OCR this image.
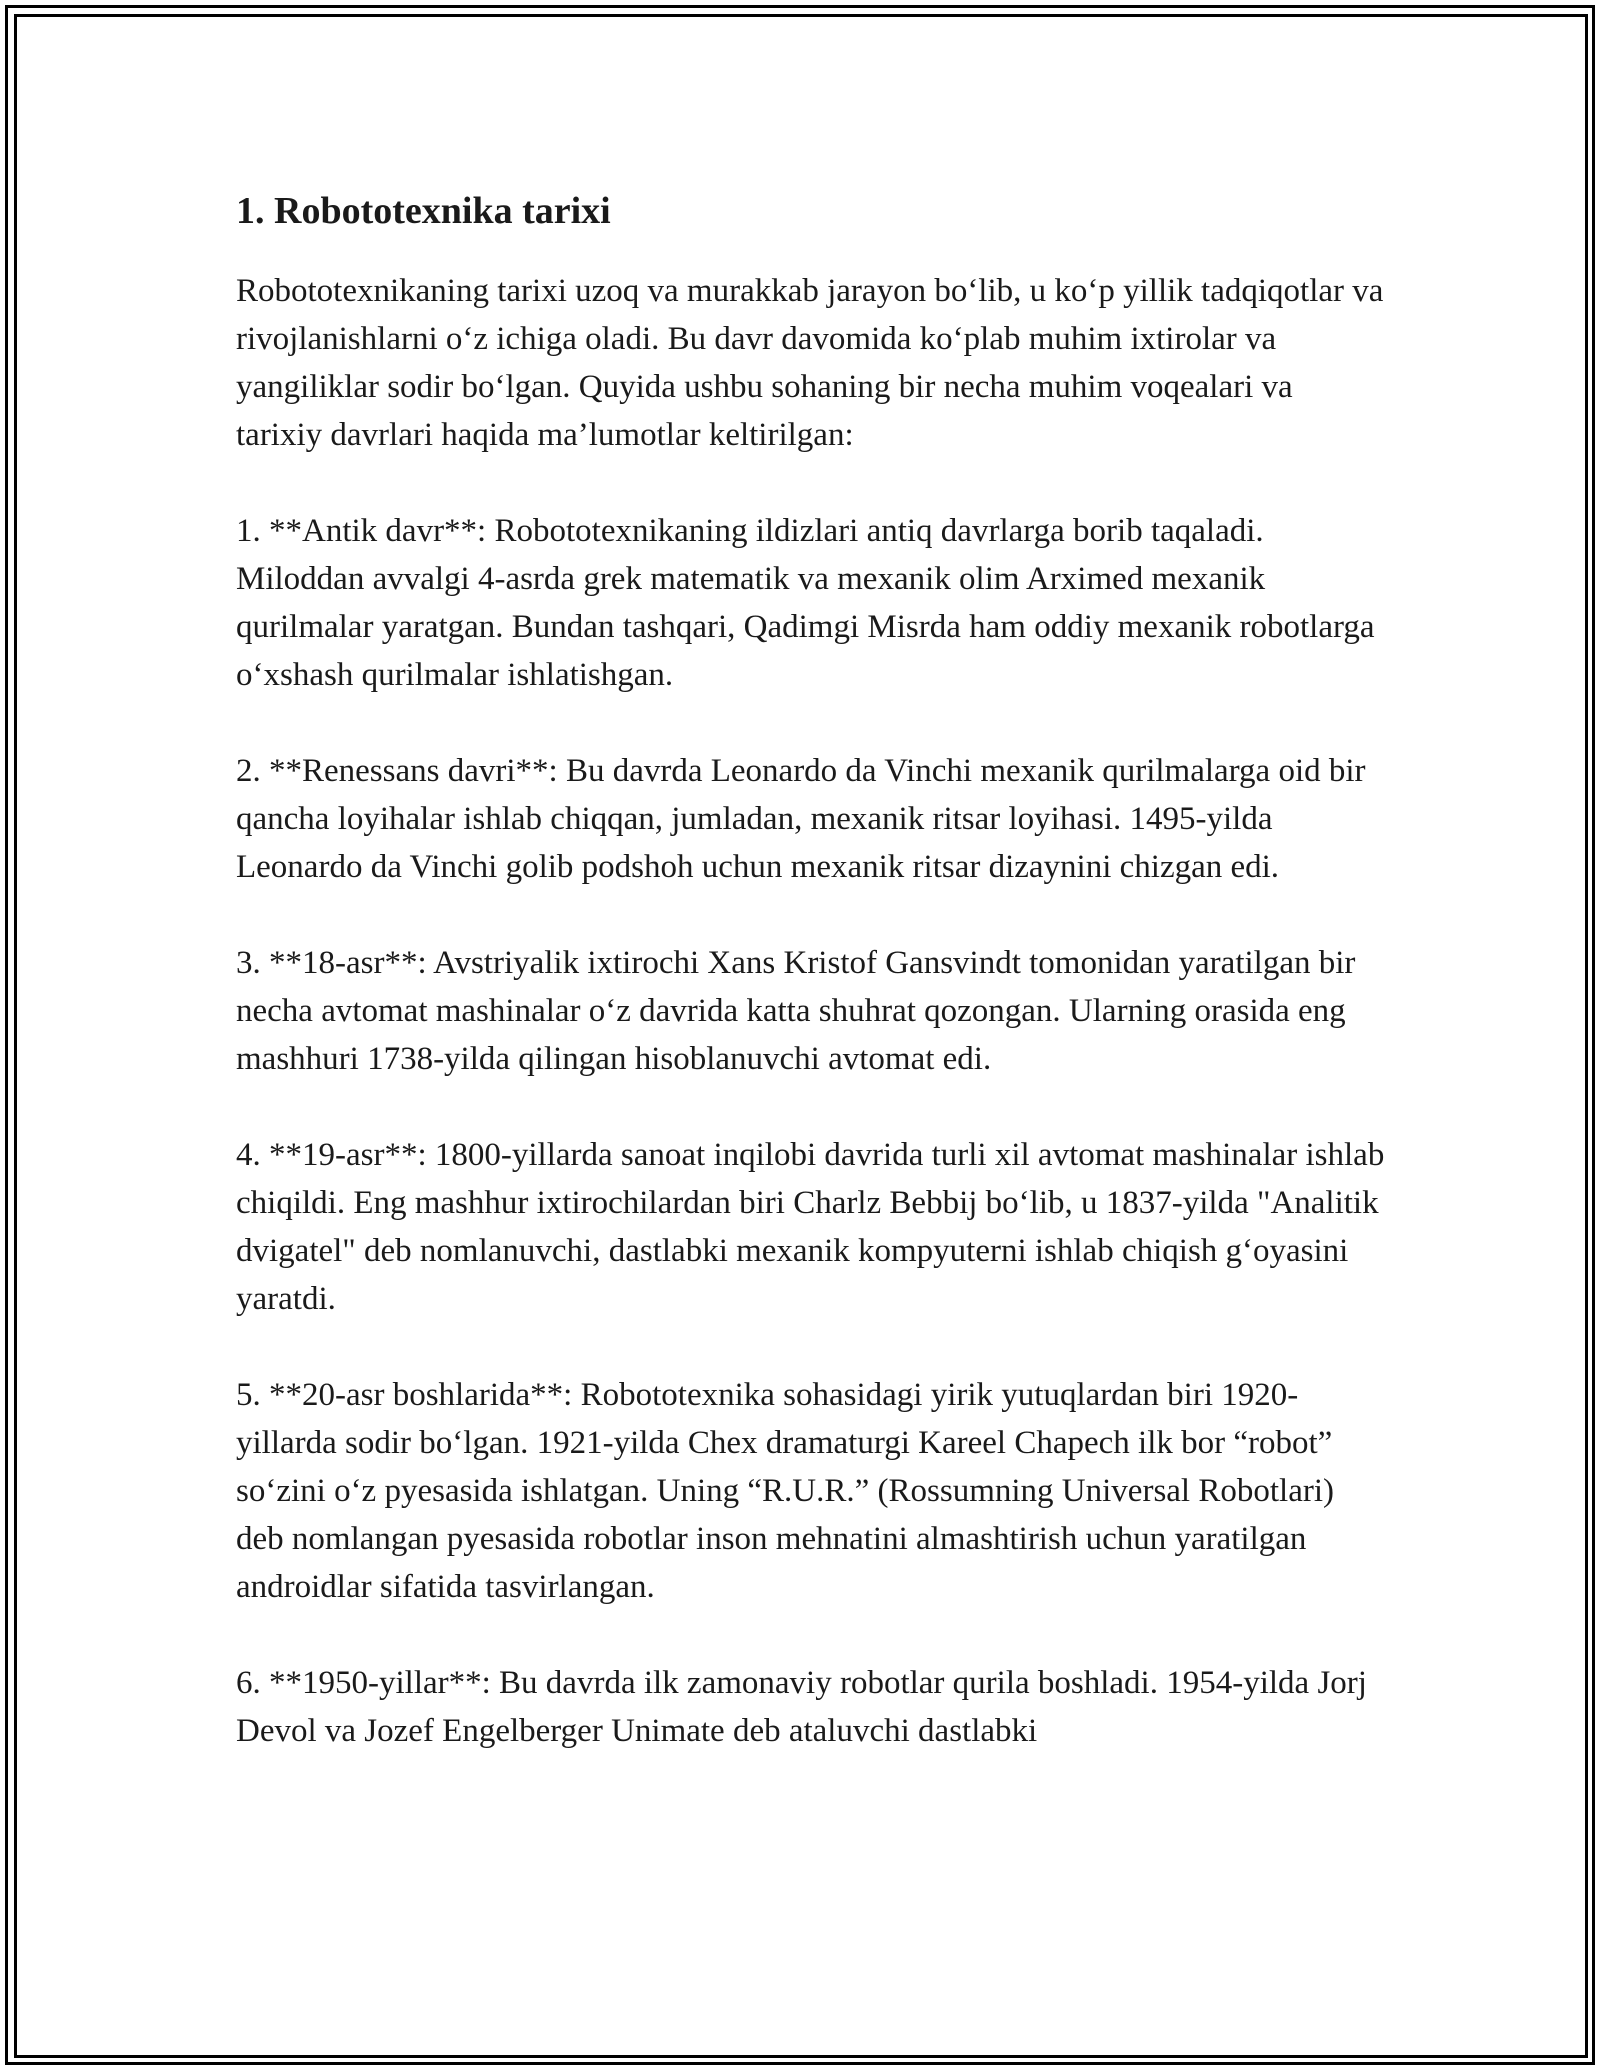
1. Robototexnika tarixi

Robototexnikaning tarixi uzoq va murakkab jarayon bo‘lib, u ko‘p yillik tadqiqotlar va rivojlanishlarni o‘z ichiga oladi. Bu davr davomida ko‘plab muhim ixtirolar va yangiliklar sodir bo‘lgan. Quyida ushbu sohaning bir necha muhim voqealari va tarixiy davrlari haqida ma’lumotlar keltirilgan:

1. **Antik davr**: Robototexnikaning ildizlari antiq davrlarga borib taqaladi. Miloddan avvalgi 4-asrda grek matematik va mexanik olim Arximed mexanik qurilmalar yaratgan. Bundan tashqari, Qadimgi Misrda ham oddiy mexanik robotlarga o‘xshash qurilmalar ishlatishgan.

2. **Renessans davri**: Bu davrda Leonardo da Vinchi mexanik qurilmalarga oid bir qancha loyihalar ishlab chiqqan, jumladan, mexanik ritsar loyihasi. 1495-yilda Leonardo da Vinchi golib podshoh uchun mexanik ritsar dizaynini chizgan edi.

3. **18-asr**: Avstriyalik ixtirochi Xans Kristof Gansvindt tomonidan yaratilgan bir necha avtomat mashinalar o‘z davrida katta shuhrat qozongan. Ularning orasida eng mashhuri 1738-yilda qilingan hisoblanuvchi avtomat edi.

4. **19-asr**: 1800-yillarda sanoat inqilobi davrida turli xil avtomat mashinalar ishlab chiqildi. Eng mashhur ixtirochilardan biri Charlz Bebbij bo‘lib, u 1837-yilda "Analitik dvigatel" deb nomlanuvchi, dastlabki mexanik kompyuterni ishlab chiqish g‘oyasini yaratdi.

5. **20-asr boshlarida**: Robototexnika sohasidagi yirik yutuqlardan biri 1920-yillarda sodir bo‘lgan. 1921-yilda Chex dramaturgi Kareel Chapech ilk bor “robot” so‘zini o‘z pyesasida ishlatgan. Uning “R.U.R.” (Rossumning Universal Robotlari) deb nomlangan pyesasida robotlar inson mehnatini almashtirish uchun yaratilgan androidlar sifatida tasvirlangan.

6. **1950-yillar**: Bu davrda ilk zamonaviy robotlar qurila boshladi. 1954-yilda Jorj Devol va Jozef Engelberger Unimate deb ataluvchi dastlabki
